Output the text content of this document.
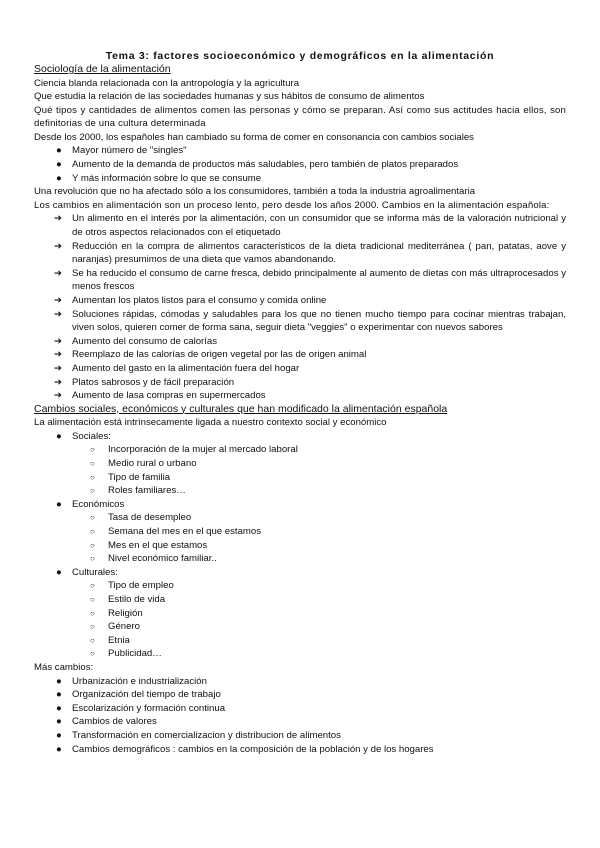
Tema 3: factores socioeconómico y demográficos en la alimentación

Sociología de la alimentación

Ciencia blanda relacionada con la antropología y la agricultura

Que estudia la relación de las sociedades humanas y sus hábitos de consumo de alimentos

Qué tipos y cantidades de alimentos comen las personas y cómo se preparan. Así como sus actitudes hacia ellos, son definitorias de una cultura determinada

Desde los 2000, los españoles han cambiado su forma de comer en consonancia con cambios sociales

● Mayor número de "singles"
● Aumento de la demanda de productos más saludables, pero también de platos preparados
● Y más información sobre lo que se consume

Una revolución que no ha afectado sólo a los consumidores, también a toda la industria agroalimentaria

Los cambios en alimentación son un proceso lento, pero desde los años 2000. Cambios en la alimentación española:

➔ Un alimento en el interés por la alimentación, con un consumidor que se informa más de la valoración nutricional y de otros aspectos relacionados con el etiquetado
➔ Reducción en la compra de alimentos característicos de la dieta tradicional mediterránea ( pan, patatas, aove y naranjas) presumimos de una dieta que vamos abandonando.
➔ Se ha reducido el consumo de carne fresca, debido principalmente al aumento de dietas con más ultraprocesados y menos frescos
➔ Aumentan los platos listos para el consumo y comida online
➔ Soluciones rápidas, cómodas y saludables para los que no tienen mucho tiempo para cocinar mientras trabajan, viven solos, quieren comer de forma sana, seguir dieta "veggies" o experimentar con nuevos sabores
➔ Aumento del consumo de calorías
➔ Reemplazo de las calorías de origen vegetal por las de origen animal
➔ Aumento del gasto en la alimentación fuera del hogar
➔ Platos sabrosos y de fácil preparación
➔ Aumento de lasa compras en supermercados

Cambios sociales, económicos y culturales que han modificado la alimentación española

La alimentación está intrínsecamente ligada a nuestro contexto social y económico

● Sociales:
○ Incorporación de la mujer al mercado laboral
○ Medio rural o urbano
○ Tipo de familia
○ Roles familiares…
● Económicos
○ Tasa de desempleo
○ Semana del mes en el que estamos
○ Mes en el que estamos
○ Nivel económico familiar..
● Culturales:
○ Tipo de empleo
○ Estilo de vida
○ Religión
○ Género
○ Etnia
○ Publicidad…

Más cambios:

● Urbanización e industrialización
● Organización del tiempo de trabajo
● Escolarización y formación continua
● Cambios de valores
● Transformación en comercializacion y distribucion de alimentos
● Cambios demográficos : cambios en la composición de la población y de los hogares
